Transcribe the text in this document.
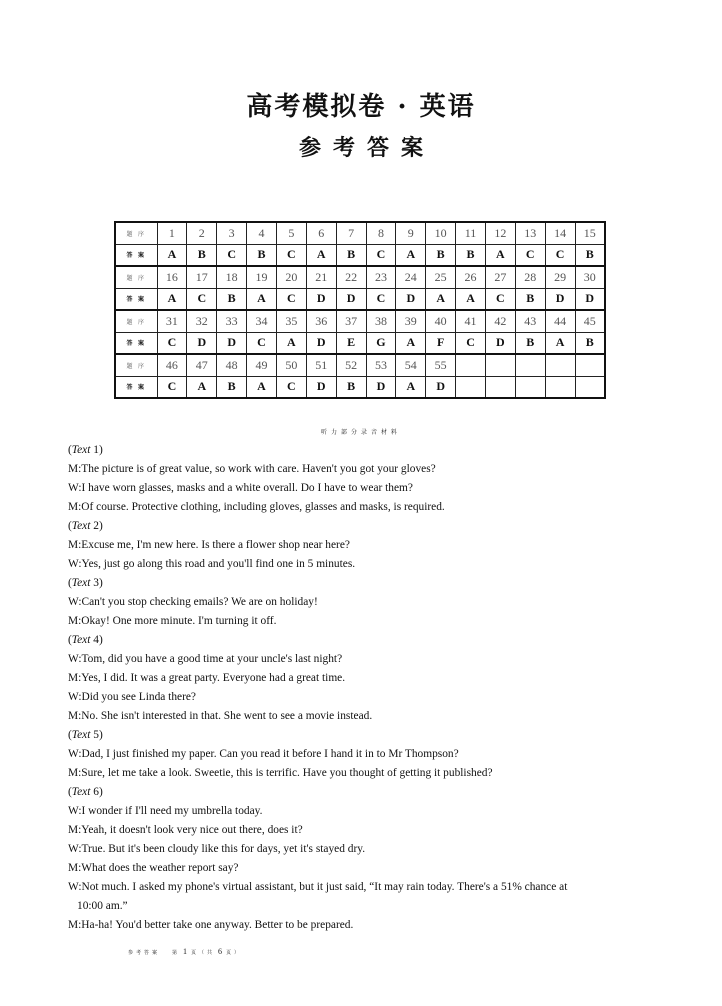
高考模拟卷 · 英语
参考答案
题 序	1	2	3	4	5	6	7	8	9	10	11	12	13	14	15
答 案	A	B	C	B	C	A	B	C	A	B	B	A	C	C	B
题 序	16	17	18	19	20	21	22	23	24	25	26	27	28	29	30
答 案	A	C	B	A	C	D	D	C	D	A	A	C	B	D	D
题 序	31	32	33	34	35	36	37	38	39	40	41	42	43	44	45
答 案	C	D	D	C	A	D	E	G	A	F	C	D	B	A	B
题 序	46	47	48	49	50	51	52	53	54	55					
答 案	C	A	B	A	C	D	B	D	A	D					
听力部分录音材料
(Text 1)
M:The picture is of great value, so work with care. Haven't you got your gloves?
W:I have worn glasses, masks and a white overall. Do I have to wear them?
M:Of course. Protective clothing, including gloves, glasses and masks, is required.
(Text 2)
M:Excuse me, I'm new here. Is there a flower shop near here?
W:Yes, just go along this road and you'll find one in 5 minutes.
(Text 3)
W:Can't you stop checking emails? We are on holiday!
M:Okay! One more minute. I'm turning it off.
(Text 4)
W:Tom, did you have a good time at your uncle's last night?
M:Yes, I did. It was a great party. Everyone had a great time.
W:Did you see Linda there?
M:No. She isn't interested in that. She went to see a movie instead.
(Text 5)
W:Dad, I just finished my paper. Can you read it before I hand it in to Mr Thompson?
M:Sure, let me take a look. Sweetie, this is terrific. Have you thought of getting it published?
(Text 6)
W:I wonder if I'll need my umbrella today.
M:Yeah, it doesn't look very nice out there, does it?
W:True. But it's been cloudy like this for days, yet it's stayed dry.
M:What does the weather report say?
W:Not much. I asked my phone's virtual assistant, but it just said, “It may rain today. There's a 51% chance at
10:00 am.”
M:Ha-ha! You'd better take one anyway. Better to be prepared.
参考答案 第 1 页（共 6 页）
